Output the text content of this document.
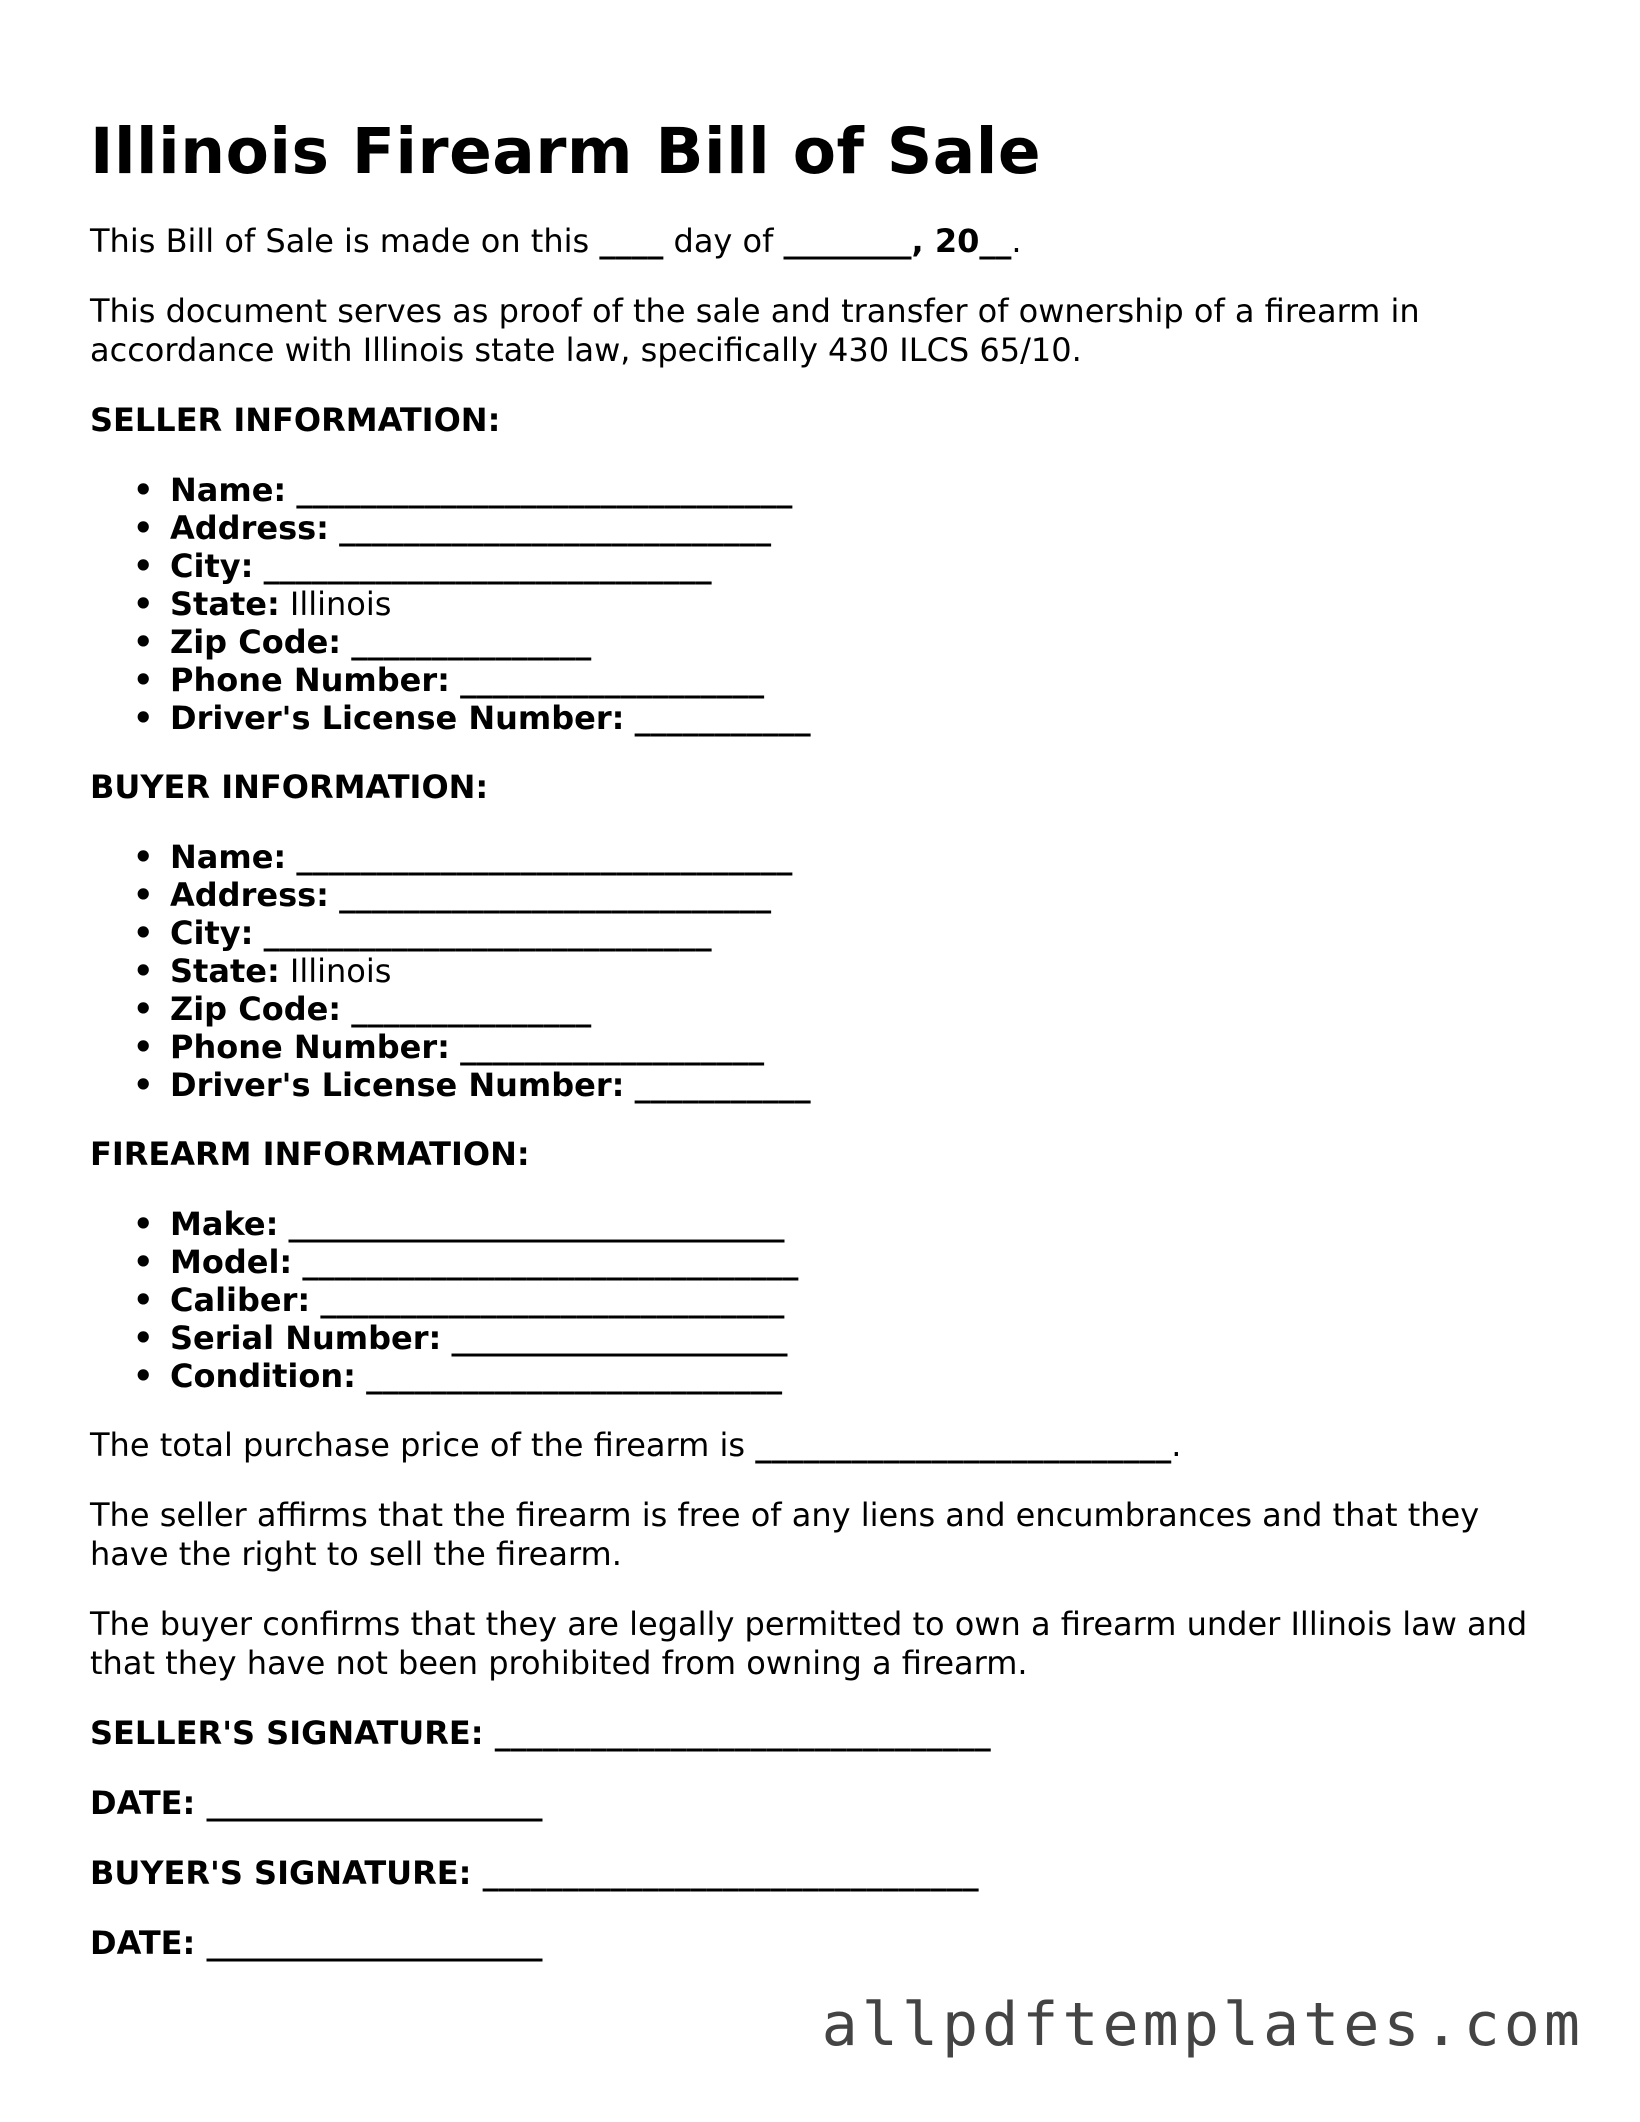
Illinois Firearm Bill of Sale

This Bill of Sale is made on this ____ day of ________, 20__.

This document serves as proof of the sale and transfer of ownership of a firearm in accordance with Illinois state law, specifically 430 ILCS 65/10.

SELLER INFORMATION:
• Name: _______________________________
• Address: ___________________________
• City: ____________________________
• State: Illinois
• Zip Code: _______________
• Phone Number: ___________________
• Driver's License Number: ___________
BUYER INFORMATION:
• Name: _______________________________
• Address: ___________________________
• City: ____________________________
• State: Illinois
• Zip Code: _______________
• Phone Number: ___________________
• Driver's License Number: ___________
FIREARM INFORMATION:
• Make: _______________________________
• Model: _______________________________
• Caliber: _____________________________
• Serial Number: _____________________
• Condition: __________________________

The total purchase price of the firearm is __________________________.

The seller affirms that the firearm is free of any liens and encumbrances and that they have the right to sell the firearm.

The buyer confirms that they are legally permitted to own a firearm under Illinois law and that they have not been prohibited from owning a firearm.

SELLER'S SIGNATURE: _______________________________
DATE: _____________________
BUYER'S SIGNATURE: _______________________________
DATE: _____________________
allpdftemplates.com
